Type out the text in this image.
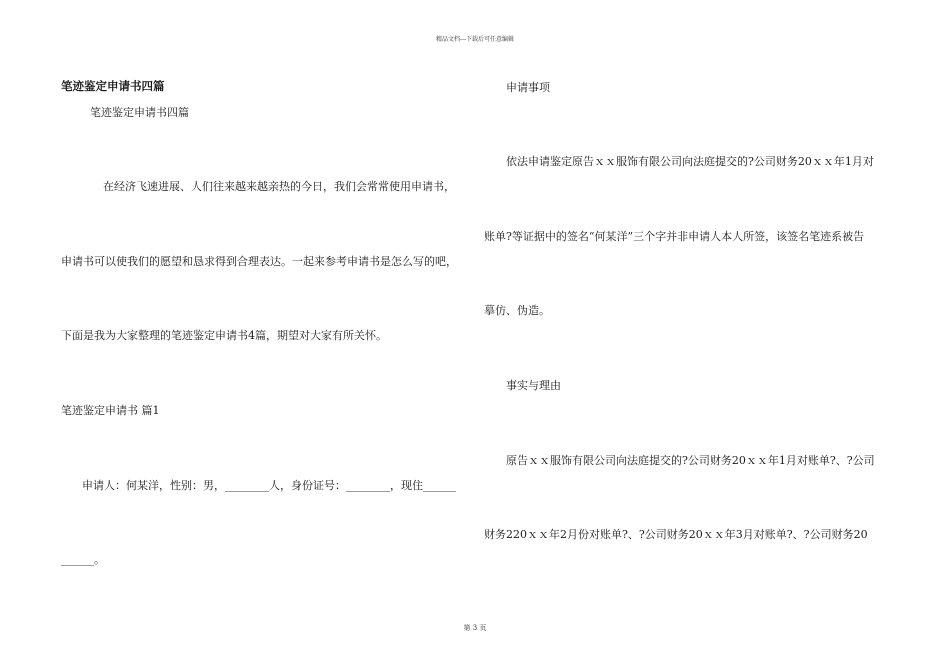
精品文档---下载后可任意编辑
笔迹鉴定申请书四篇
笔迹鉴定申请书四篇
在经济飞速进展、人们往来越来越亲热的今日，我们会常常使用申请书，
申请书可以使我们的愿望和恳求得到合理表达。一起来参考申请书是怎么写的吧，
下面是我为大家整理的笔迹鉴定申请书4篇，期望对大家有所关怀。
笔迹鉴定申请书 篇1
申请人：何某洋，性别：男，________人，身份证号：________，现住______
______。
申请事项
依法申请鉴定原告ｘｘ服饰有限公司向法庭提交的?公司财务20ｘｘ年1月对
账单?等证据中的签名“何某洋”三个字并非申请人本人所签，该签名笔迹系被告
摹仿、伪造。
事实与理由
原告ｘｘ服饰有限公司向法庭提交的?公司财务20ｘｘ年1月对账单?、?公司
财务220ｘｘ年2月份对账单?、?公司财务20ｘｘ年3月对账单?、?公司财务20
第 3 页
